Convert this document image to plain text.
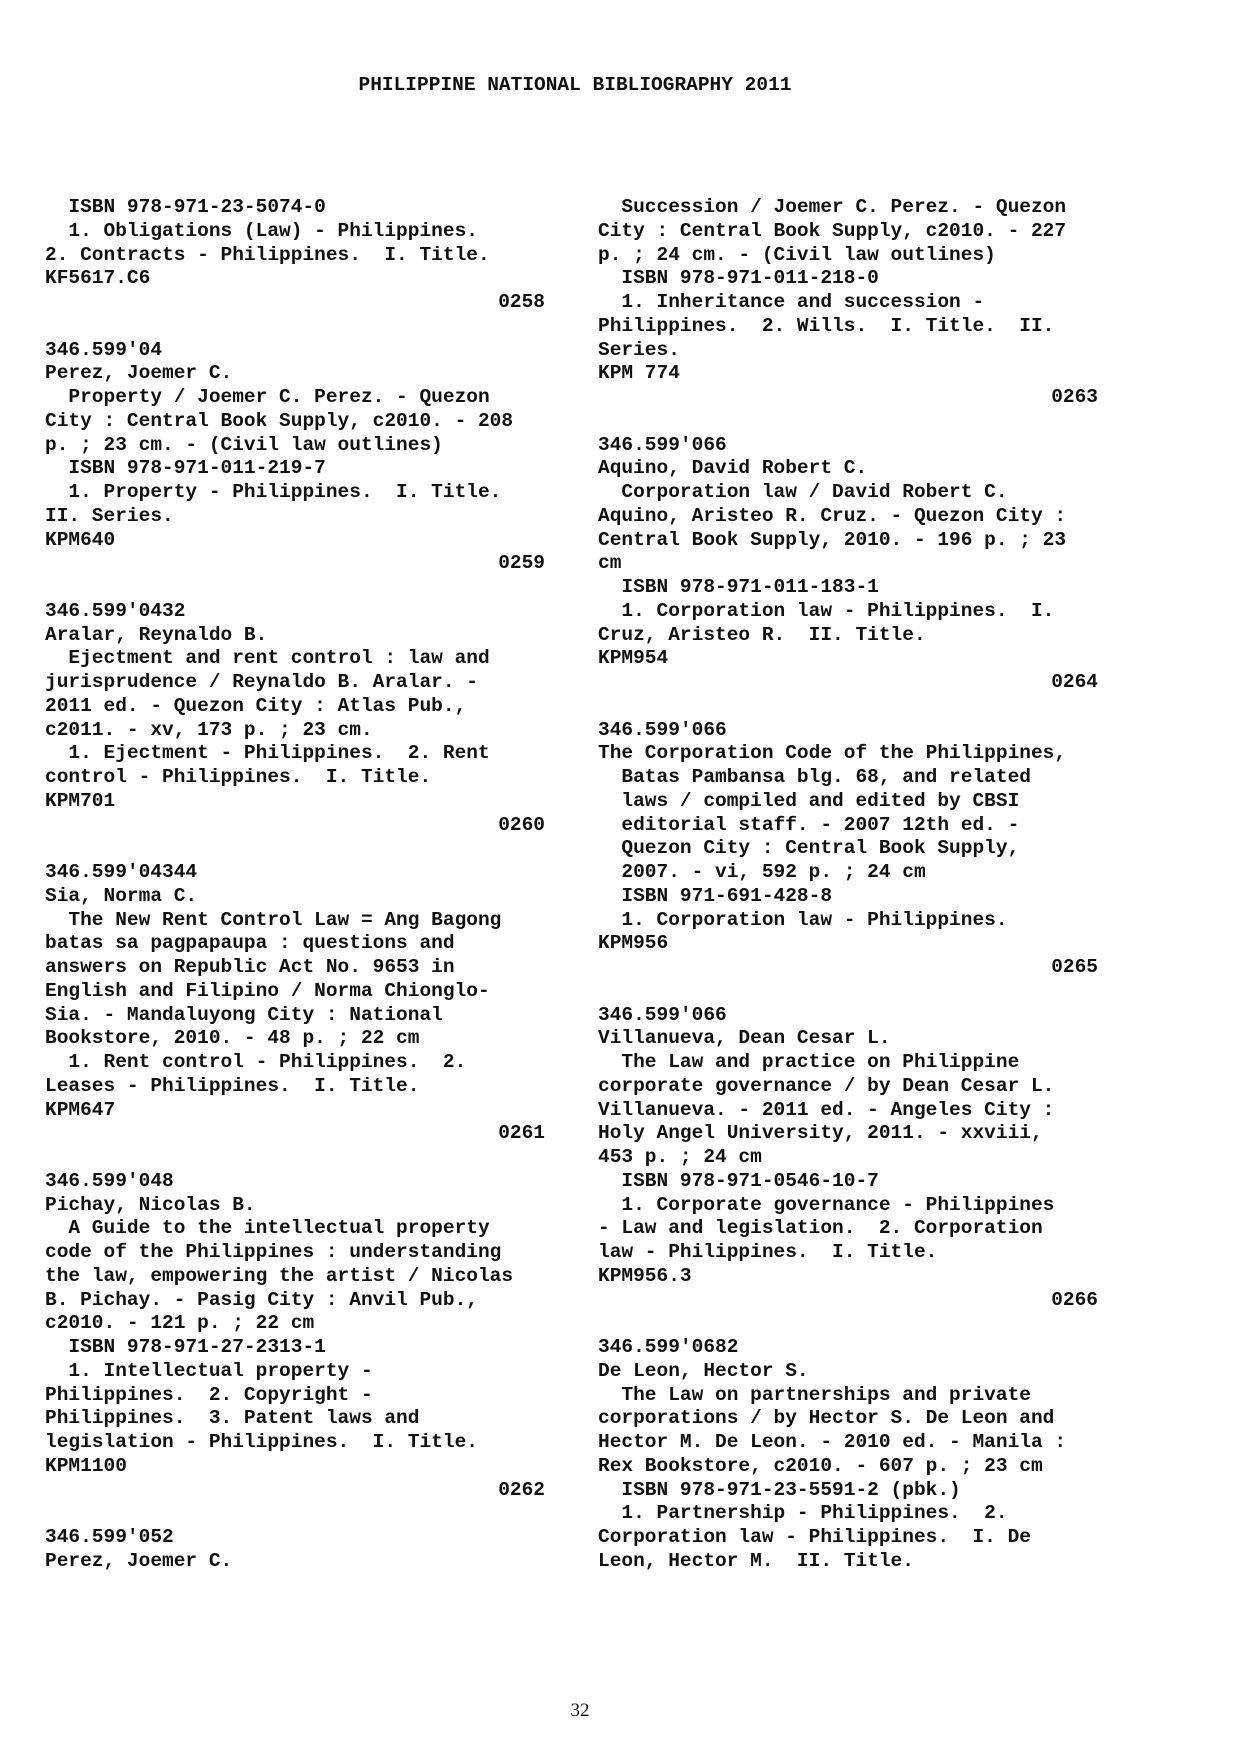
PHILIPPINE NATIONAL BIBLIOGRAPHY 2011
ISBN 978-971-23-5074-0
1. Obligations (Law) - Philippines.
2. Contracts - Philippines.  I. Title.
KF5617.C6
0258
346.599'04
Perez, Joemer C.
Property / Joemer C. Perez. - Quezon
City : Central Book Supply, c2010. - 208
p. ; 23 cm. - (Civil law outlines)
ISBN 978-971-011-219-7
1. Property - Philippines.  I. Title.
II. Series.
KPM640
0259
346.599'0432
Aralar, Reynaldo B.
Ejectment and rent control : law and
jurisprudence / Reynaldo B. Aralar. -
2011 ed. - Quezon City : Atlas Pub.,
c2011. - xv, 173 p. ; 23 cm.
1. Ejectment - Philippines.  2. Rent
control - Philippines.  I. Title.
KPM701
0260
346.599'04344
Sia, Norma C.
The New Rent Control Law = Ang Bagong
batas sa pagpapaupa : questions and
answers on Republic Act No. 9653 in
English and Filipino / Norma Chionglo-
Sia. - Mandaluyong City : National
Bookstore, 2010. - 48 p. ; 22 cm
1. Rent control - Philippines.  2.
Leases - Philippines.  I. Title.
KPM647
0261
346.599'048
Pichay, Nicolas B.
A Guide to the intellectual property
code of the Philippines : understanding
the law, empowering the artist / Nicolas
B. Pichay. - Pasig City : Anvil Pub.,
c2010. - 121 p. ; 22 cm
ISBN 978-971-27-2313-1
1. Intellectual property -
Philippines.  2. Copyright -
Philippines.  3. Patent laws and
legislation - Philippines.  I. Title.
KPM1100
0262
346.599'052
Perez, Joemer C.
Succession / Joemer C. Perez. - Quezon
City : Central Book Supply, c2010. - 227
p. ; 24 cm. - (Civil law outlines)
ISBN 978-971-011-218-0
1. Inheritance and succession -
Philippines.  2. Wills.  I. Title.  II.
Series.
KPM 774
0263
346.599'066
Aquino, David Robert C.
Corporation law / David Robert C.
Aquino, Aristeo R. Cruz. - Quezon City :
Central Book Supply, 2010. - 196 p. ; 23
cm
ISBN 978-971-011-183-1
1. Corporation law - Philippines.  I.
Cruz, Aristeo R.  II. Title.
KPM954
0264
346.599'066
The Corporation Code of the Philippines,
Batas Pambansa blg. 68, and related
laws / compiled and edited by CBSI
editorial staff. - 2007 12th ed. -
Quezon City : Central Book Supply,
2007. - vi, 592 p. ; 24 cm
ISBN 971-691-428-8
1. Corporation law - Philippines.
KPM956
0265
346.599'066
Villanueva, Dean Cesar L.
The Law and practice on Philippine
corporate governance / by Dean Cesar L.
Villanueva. - 2011 ed. - Angeles City :
Holy Angel University, 2011. - xxviii,
453 p. ; 24 cm
ISBN 978-971-0546-10-7
1. Corporate governance - Philippines
- Law and legislation.  2. Corporation
law - Philippines.  I. Title.
KPM956.3
0266
346.599'0682
De Leon, Hector S.
The Law on partnerships and private
corporations / by Hector S. De Leon and
Hector M. De Leon. - 2010 ed. - Manila :
Rex Bookstore, c2010. - 607 p. ; 23 cm
ISBN 978-971-23-5591-2 (pbk.)
1. Partnership - Philippines.  2.
Corporation law - Philippines.  I. De
Leon, Hector M.  II. Title.
32
